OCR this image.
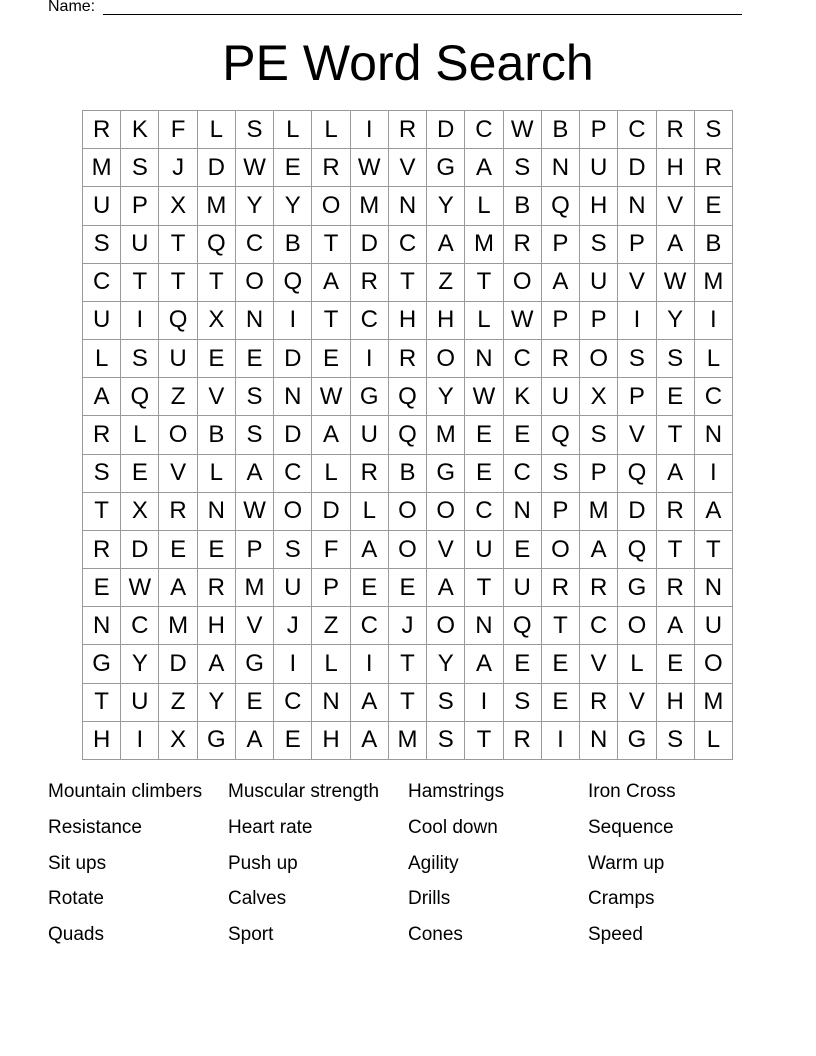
Name:
PE Word Search
R K F	L S L	L	I	R D C W B P C R S
M S	J D W E R W V G A S N U D H R
U P X M Y Y O M N Y L B Q H N V E
S U T Q C B T D C A M R P S P A B
C T T T O Q A R T Z T O A U V W M
U	I	Q X N	I	T C H H L W P P	I	Y	I
L S U E E D E	I	R O N C R O S S L
A Q Z V S N W G Q Y W K U X P E C
R L O B S D A U Q M E E Q S V T N
S E V L A C L R B G E C S P Q A	I
T X R N W O D L O O C N P M D R A
R D E E P S F A O V U E O A Q T T
E W A R M U P E E A T U R R G R N
N C M H V	J	Z C J O N Q T C O A U
G Y D A G	I	L	I	T Y A E E V L E O
T U Z Y E C N A T S	I	S E R V H M
H	I	X G A E H A M S T R	I	N G S L
Mountain climbers	Muscular strength	Hamstrings	Iron Cross
Resistance	Heart rate	Cool down	Sequence
Sit ups	Push up	Agility	Warm up
Rotate	Calves	Drills	Cramps
Quads	Sport	Cones	Speed
